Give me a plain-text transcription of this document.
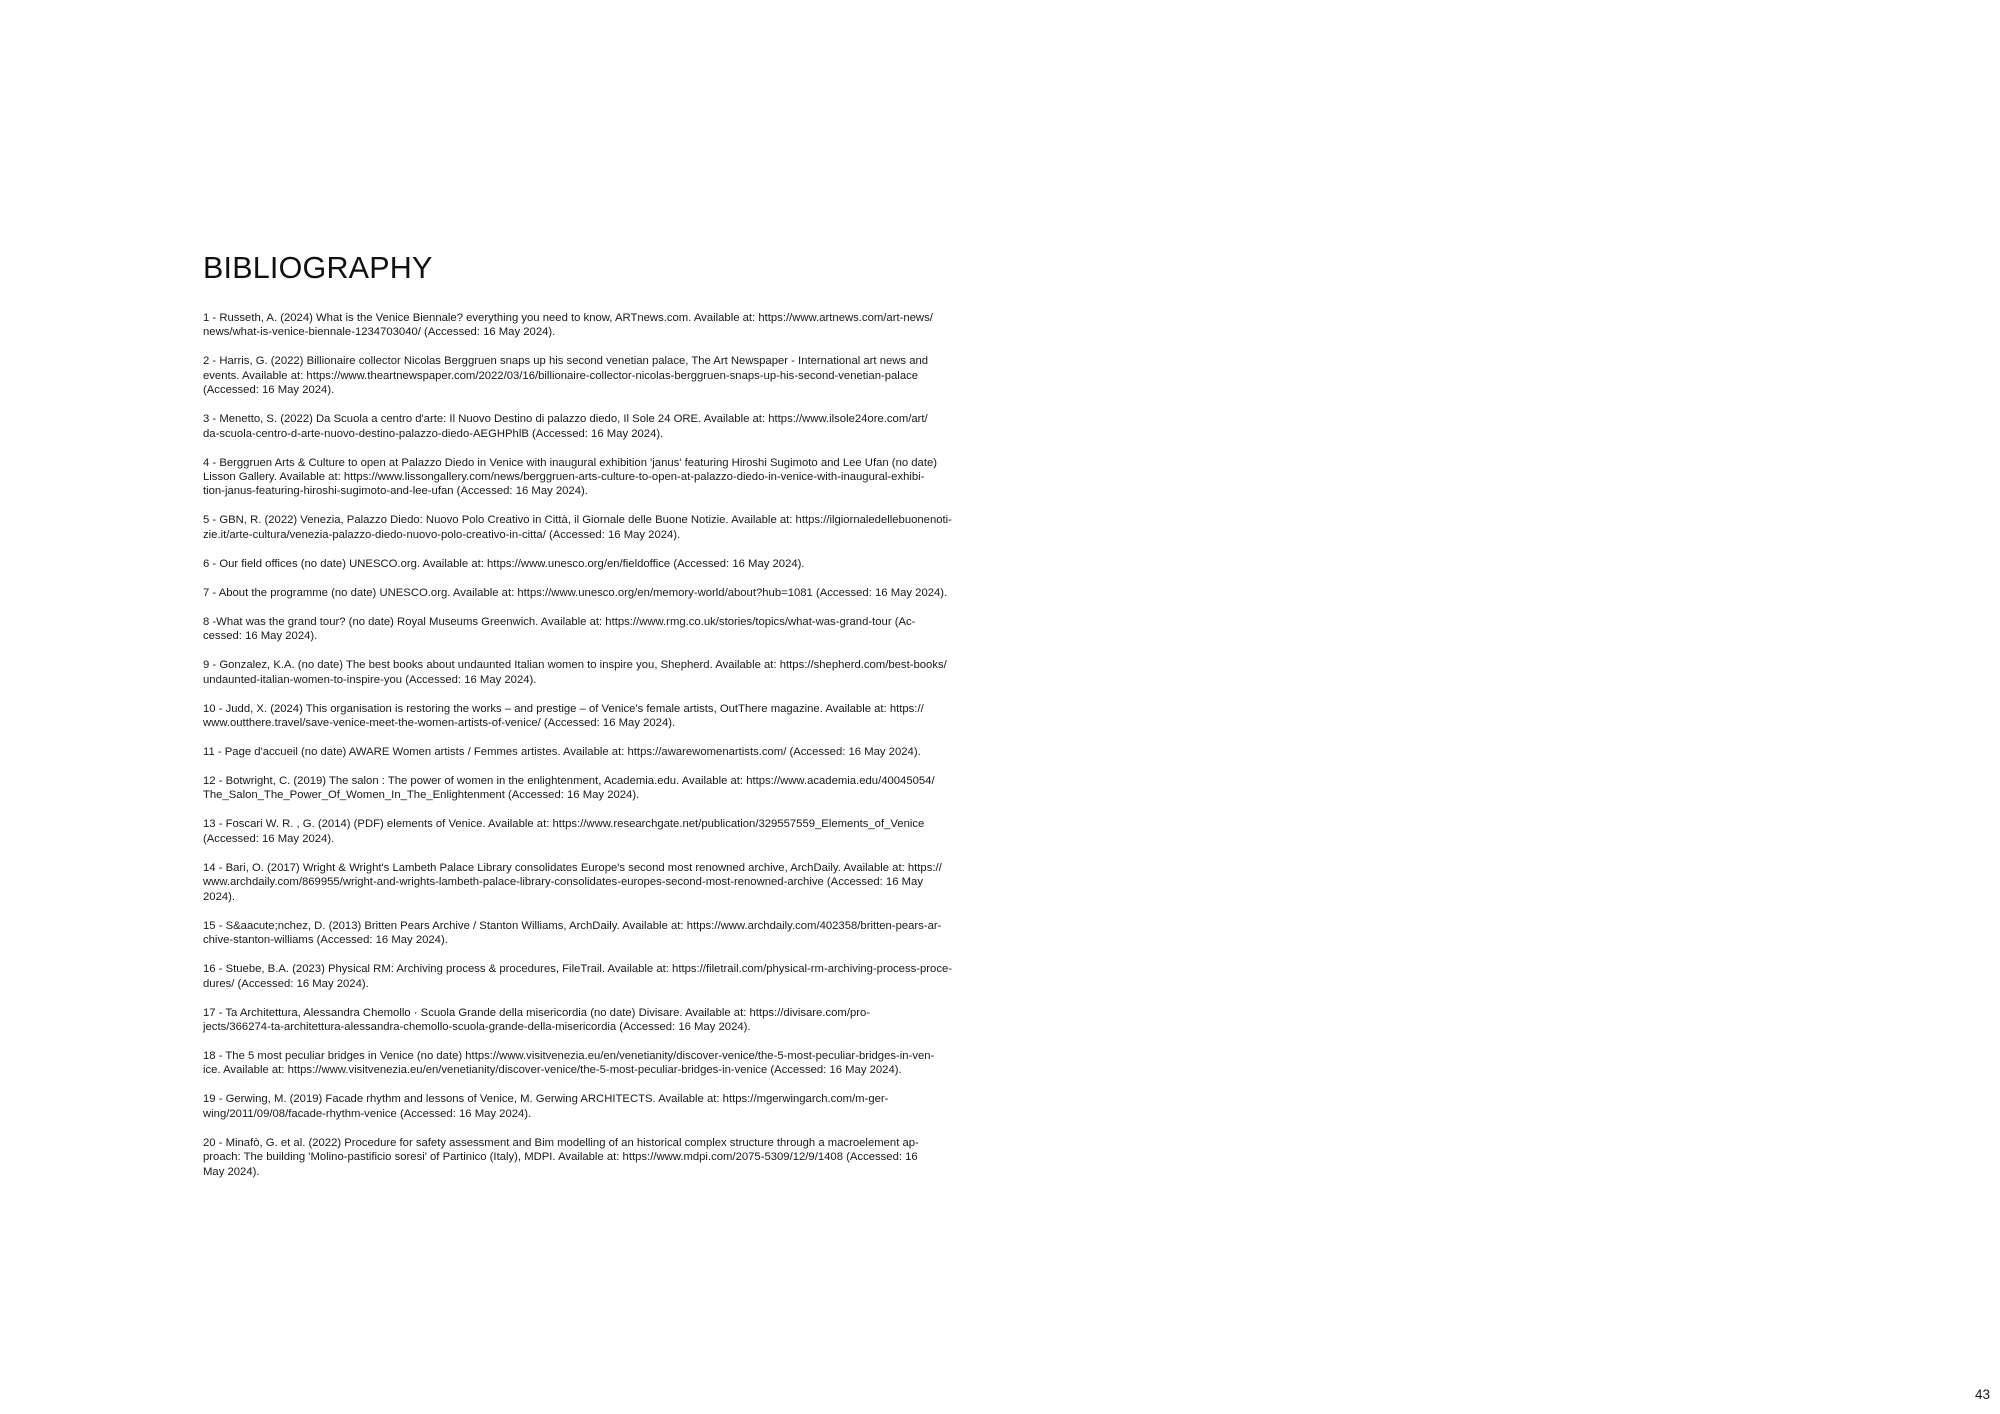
BIBLIOGRAPHY
1 - Russeth, A. (2024) What is the Venice Biennale? everything you need to know, ARTnews.com. Available at: https://www.artnews.com/art-news/
news/what-is-venice-biennale-1234703040/ (Accessed: 16 May 2024).
2 - Harris, G. (2022) Billionaire collector Nicolas Berggruen snaps up his second venetian palace, The Art Newspaper - International art news and
events. Available at: https://www.theartnewspaper.com/2022/03/16/billionaire-collector-nicolas-berggruen-snaps-up-his-second-venetian-palace
(Accessed: 16 May 2024).
3 - Menetto, S. (2022) Da Scuola a centro d'arte: Il Nuovo Destino di palazzo diedo, Il Sole 24 ORE. Available at: https://www.ilsole24ore.com/art/
da-scuola-centro-d-arte-nuovo-destino-palazzo-diedo-AEGHPhlB (Accessed: 16 May 2024).
4 - Berggruen Arts & Culture to open at Palazzo Diedo in Venice with inaugural exhibition 'janus' featuring Hiroshi Sugimoto and Lee Ufan (no date)
Lisson Gallery. Available at: https://www.lissongallery.com/news/berggruen-arts-culture-to-open-at-palazzo-diedo-in-venice-with-inaugural-exhibi-
tion-janus-featuring-hiroshi-sugimoto-and-lee-ufan (Accessed: 16 May 2024).
5 - GBN, R. (2022) Venezia, Palazzo Diedo: Nuovo Polo Creativo in Città, il Giornale delle Buone Notizie. Available at: https://ilgiornaledellebuonenoti-
zie.it/arte-cultura/venezia-palazzo-diedo-nuovo-polo-creativo-in-citta/ (Accessed: 16 May 2024).
6 - Our field offices (no date) UNESCO.org. Available at: https://www.unesco.org/en/fieldoffice (Accessed: 16 May 2024).
7 - About the programme (no date) UNESCO.org. Available at: https://www.unesco.org/en/memory-world/about?hub=1081 (Accessed: 16 May 2024).
8 -What was the grand tour? (no date) Royal Museums Greenwich. Available at: https://www.rmg.co.uk/stories/topics/what-was-grand-tour (Ac-
cessed: 16 May 2024).
9 - Gonzalez, K.A. (no date) The best books about undaunted Italian women to inspire you, Shepherd. Available at: https://shepherd.com/best-books/
undaunted-italian-women-to-inspire-you (Accessed: 16 May 2024).
10 - Judd, X. (2024) This organisation is restoring the works – and prestige – of Venice's female artists, OutThere magazine. Available at: https://
www.outthere.travel/save-venice-meet-the-women-artists-of-venice/ (Accessed: 16 May 2024).
11 - Page d'accueil (no date) AWARE Women artists / Femmes artistes. Available at: https://awarewomenartists.com/ (Accessed: 16 May 2024).
12 - Botwright, C. (2019) The salon : The power of women in the enlightenment, Academia.edu. Available at: https://www.academia.edu/40045054/
The_Salon_The_Power_Of_Women_In_The_Enlightenment (Accessed: 16 May 2024).
13 - Foscari W. R. , G. (2014) (PDF) elements of Venice. Available at: https://www.researchgate.net/publication/329557559_Elements_of_Venice
(Accessed: 16 May 2024).
14 - Bari, O. (2017) Wright & Wright's Lambeth Palace Library consolidates Europe's second most renowned archive, ArchDaily. Available at: https://
www.archdaily.com/869955/wright-and-wrights-lambeth-palace-library-consolidates-europes-second-most-renowned-archive (Accessed: 16 May
2024).
15 - S&aacute;nchez, D. (2013) Britten Pears Archive / Stanton Williams, ArchDaily. Available at: https://www.archdaily.com/402358/britten-pears-ar-
chive-stanton-williams (Accessed: 16 May 2024).
16 - Stuebe, B.A. (2023) Physical RM: Archiving process & procedures, FileTrail. Available at: https://filetrail.com/physical-rm-archiving-process-proce-
dures/ (Accessed: 16 May 2024).
17 - Ta Architettura, Alessandra Chemollo · Scuola Grande della misericordia (no date) Divisare. Available at: https://divisare.com/pro-
jects/366274-ta-architettura-alessandra-chemollo-scuola-grande-della-misericordia (Accessed: 16 May 2024).
18 - The 5 most peculiar bridges in Venice (no date) https://www.visitvenezia.eu/en/venetianity/discover-venice/the-5-most-peculiar-bridges-in-ven-
ice. Available at: https://www.visitvenezia.eu/en/venetianity/discover-venice/the-5-most-peculiar-bridges-in-venice (Accessed: 16 May 2024).
19 - Gerwing, M. (2019) Facade rhythm and lessons of Venice, M. Gerwing ARCHITECTS. Available at: https://mgerwingarch.com/m-ger-
wing/2011/09/08/facade-rhythm-venice (Accessed: 16 May 2024).
20 - Minafò, G. et al. (2022) Procedure for safety assessment and Bim modelling of an historical complex structure through a macroelement ap-
proach: The building 'Molino-pastificio soresi' of Partinico (Italy), MDPI. Available at: https://www.mdpi.com/2075-5309/12/9/1408 (Accessed: 16
May 2024).
43
